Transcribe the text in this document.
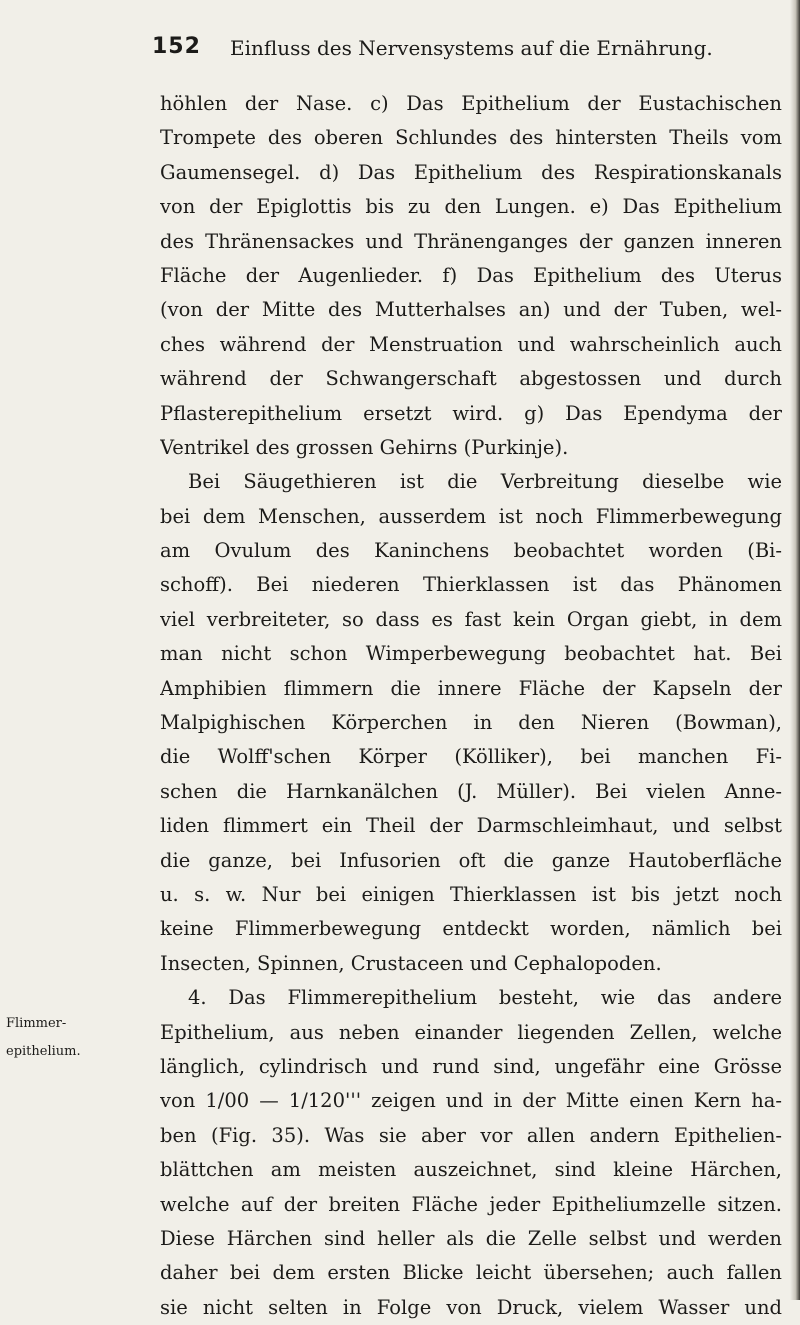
152 Einfluss des Nervensystems auf die Ernährung.
Flimmer-
epithelium.
höhlen der Nase. c) Das Epithelium der Eustachischen
Trompete des oberen Schlundes des hintersten Theils vom
Gaumensegel. d) Das Epithelium des Respirationskanals
von der Epiglottis bis zu den Lungen. e) Das Epithelium
des Thränensackes und Thränenganges der ganzen inneren
Fläche der Augenlieder. f) Das Epithelium des Uterus
(von der Mitte des Mutterhalses an) und der Tuben, wel-
ches während der Menstruation und wahrscheinlich auch
während der Schwangerschaft abgestossen und durch
Pflasterepithelium ersetzt wird. g) Das Ependyma der
Ventrikel des grossen Gehirns (Purkinje).
Bei Säugethieren ist die Verbreitung dieselbe wie
bei dem Menschen, ausserdem ist noch Flimmerbewegung
am Ovulum des Kaninchens beobachtet worden (Bi-
schoff). Bei niederen Thierklassen ist das Phänomen
viel verbreiteter, so dass es fast kein Organ giebt, in dem
man nicht schon Wimperbewegung beobachtet hat. Bei
Amphibien flimmern die innere Fläche der Kapseln der
Malpighischen Körperchen in den Nieren (Bowman),
die Wolff'schen Körper (Kölliker), bei manchen Fi-
schen die Harnkanälchen (J. Müller). Bei vielen Anne-
liden flimmert ein Theil der Darmschleimhaut, und selbst
die ganze, bei Infusorien oft die ganze Hautoberfläche
u. s. w. Nur bei einigen Thierklassen ist bis jetzt noch
keine Flimmerbewegung entdeckt worden, nämlich bei
Insecten, Spinnen, Crustaceen und Cephalopoden.
4. Das Flimmerepithelium besteht, wie das andere
Epithelium, aus neben einander liegenden Zellen, welche
länglich, cylindrisch und rund sind, ungefähr eine Grösse
von 1/00 — 1/120''' zeigen und in der Mitte einen Kern ha-
ben (Fig. 35). Was sie aber vor allen andern Epithelien-
blättchen am meisten auszeichnet, sind kleine Härchen,
welche auf der breiten Fläche jeder Epitheliumzelle sitzen.
Diese Härchen sind heller als die Zelle selbst und werden
daher bei dem ersten Blicke leicht übersehen; auch fallen
sie nicht selten in Folge von Druck, vielem Wasser und
